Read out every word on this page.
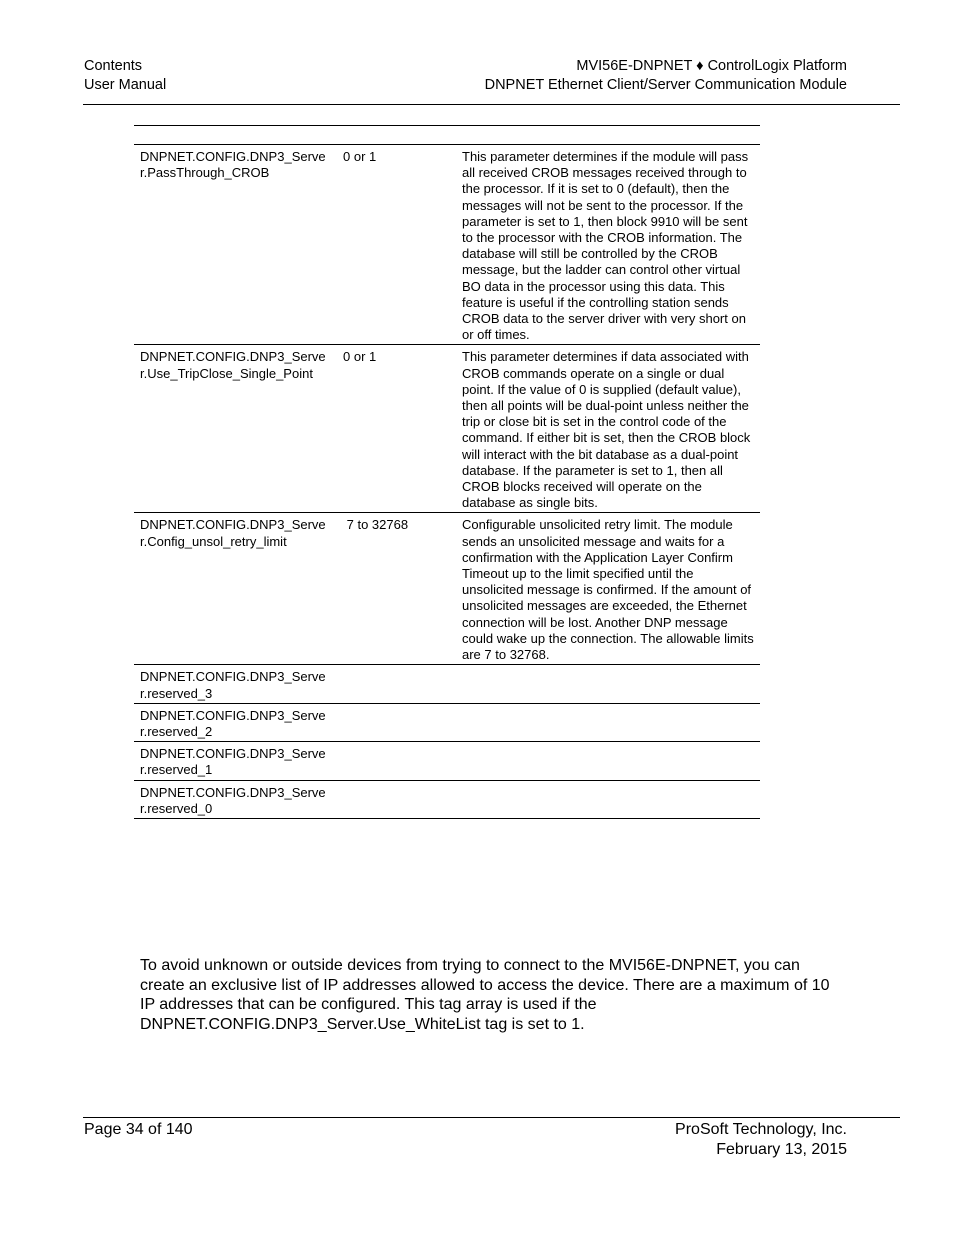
Contents
User Manual
MVI56E-DNPNET ♦ ControlLogix Platform
DNPNET Ethernet Client/Server Communication Module

DNPNET.CONFIG.DNP3_Server.PassThrough_CROB	0 or 1	This parameter determines if the module will pass all received CROB messages received through to the processor. If it is set to 0 (default), then the messages will not be sent to the processor. If the parameter is set to 1, then block 9910 will be sent to the processor with the CROB information. The database will still be controlled by the CROB message, but the ladder can control other virtual BO data in the processor using this data. This feature is useful if the controlling station sends CROB data to the server driver with very short on or off times.
DNPNET.CONFIG.DNP3_Server.Use_TripClose_Single_Point	0 or 1	This parameter determines if data associated with CROB commands operate on a single or dual point. If the value of 0 is supplied (default value), then all points will be dual-point unless neither the trip or close bit is set in the control code of the command. If either bit is set, then the CROB block will interact with the bit database as a dual-point database. If the parameter is set to 1, then all CROB blocks received will operate on the database as single bits.
DNPNET.CONFIG.DNP3_Server.Config_unsol_retry_limit	7 to 32768	Configurable unsolicited retry limit. The module sends an unsolicited message and waits for a confirmation with the Application Layer Confirm Timeout up to the limit specified until the unsolicited message is confirmed. If the amount of unsolicited messages are exceeded, the Ethernet connection will be lost. Another DNP message could wake up the connection. The allowable limits are 7 to 32768.
DNPNET.CONFIG.DNP3_Server.reserved_3		
DNPNET.CONFIG.DNP3_Server.reserved_2		
DNPNET.CONFIG.DNP3_Server.reserved_1		
DNPNET.CONFIG.DNP3_Server.reserved_0		
To avoid unknown or outside devices from trying to connect to the MVI56E-DNPNET, you can create an exclusive list of IP addresses allowed to access the device. There are a maximum of 10 IP addresses that can be configured. This tag array is used if the DNPNET.CONFIG.DNP3_Server.Use_WhiteList tag is set to 1.
Page 34 of 140	ProSoft Technology, Inc.
February 13, 2015
